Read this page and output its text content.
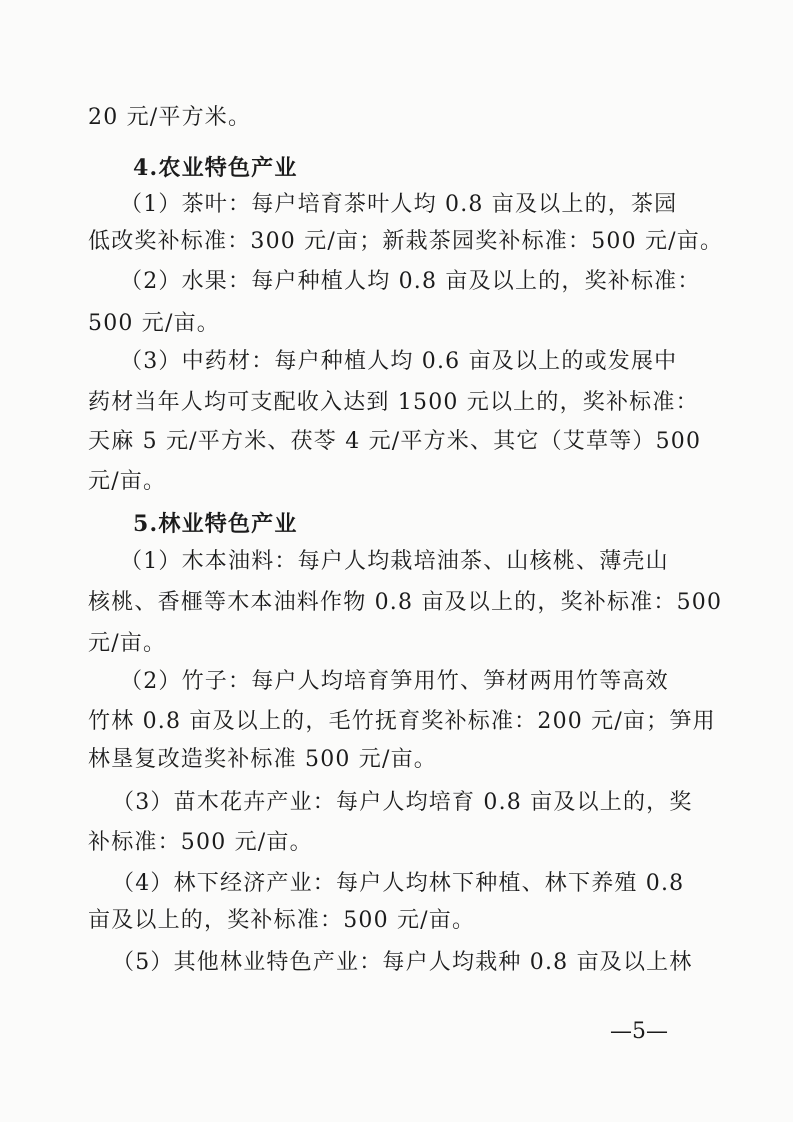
20 元/平方米。
4.农业特色产业
（1）茶叶：每户培育茶叶人均 0.8 亩及以上的，茶园
低改奖补标准：300 元/亩；新栽茶园奖补标准：500 元/亩。
（2）水果：每户种植人均 0.8 亩及以上的，奖补标准：
500 元/亩。
（3）中药材：每户种植人均 0.6 亩及以上的或发展中
药材当年人均可支配收入达到 1500 元以上的，奖补标准：
天麻 5 元/平方米、茯苓 4 元/平方米、其它（艾草等）500
元/亩。
5.林业特色产业
（1）木本油料：每户人均栽培油茶、山核桃、薄壳山
核桃、香榧等木本油料作物 0.8 亩及以上的，奖补标准：500
元/亩。
（2）竹子：每户人均培育笋用竹、笋材两用竹等高效
竹林 0.8 亩及以上的，毛竹抚育奖补标准：200 元/亩；笋用
林垦复改造奖补标准 500 元/亩。
（3）苗木花卉产业：每户人均培育 0.8 亩及以上的，奖
补标准：500 元/亩。
（4）林下经济产业：每户人均林下种植、林下养殖 0.8
亩及以上的，奖补标准：500 元/亩。
（5）其他林业特色产业：每户人均栽种 0.8 亩及以上林
—5—
